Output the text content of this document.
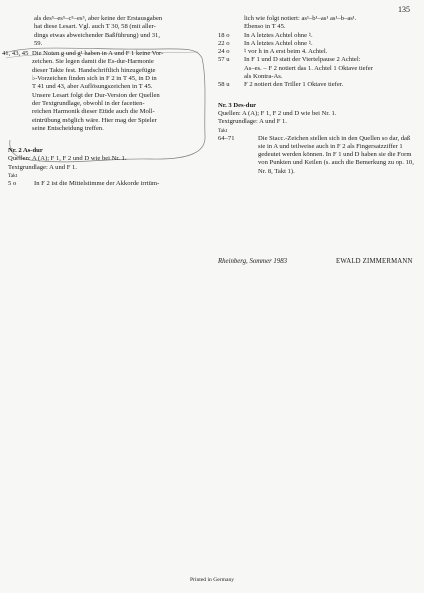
135
als des⁵–es⁵–c⁵–es⁵, aber keine der Erstausgaben
hat diese Lesart. Vgl. auch T 30, 58 (mit aller-
dings etwas abweichender Baßführung) und 31,
59.
41, 43, 45 Die Noten g und g¹ haben in A und F 1 keine Vor-
zeichen. Sie legen damit die Es-dur-Harmonie
dieser Takte fest. Handschriftlich hinzugefügte
♭-Vorzeichen finden sich in F 2 in T 45, in D in
T 41 und 43, aber Auflösungszeichen in T 45.
Unsere Lesart folgt der Dur-Version der Quellen
der Textgrundlage, obwohl in der facetten-
reichen Harmonik dieser Etüde auch die Moll-
eintrübung möglich wäre. Hier mag der Spieler
seine Entscheidung treffen.
Nr. 2 As-dur
Quellen: A (A); F 1, F 2 und D wie bei Nr. 1.
Textgrundlage: A und F 1.
Takt
5 o	In F 2 ist die Mittelstimme der Akkorde irrtüm-
lich wie folgt notiert: as¹–b¹–as¹ as¹–b–as¹.
Ebenso in T 45.
18 o	In A letztes Achtel ohne ♮.
22 o	In A letztes Achtel ohne ♮.
24 o	♮ vor h in A erst beim 4. Achtel.
57 u	In F 1 und D statt der Viertelpause 2 Achtel:
As–es. – F 2 notiert das 1. Achtel 1 Oktave tiefer
als Kontra-As.
58 u	F 2 notiert den Triller 1 Oktave tiefer.
Nr. 3 Des-dur
Quellen: A (A); F 1, F 2 und D wie bei Nr. 1.
Textgrundlage: A und F 1.
Takt
64–71	Die Stacc.-Zeichen stellen sich in den Quellen so dar, daß sie in A und teilweise auch in F 2 als Fingersatzziffer 1 gedeutet werden können. In F 1 und D haben sie die Form von Punkten und Keilen (s. auch die Bemerkung zu op. 10, Nr. 8, Takt 1).
Rheinberg, Sommer 1983	EWALD ZIMMERMANN
Printed in Germany
